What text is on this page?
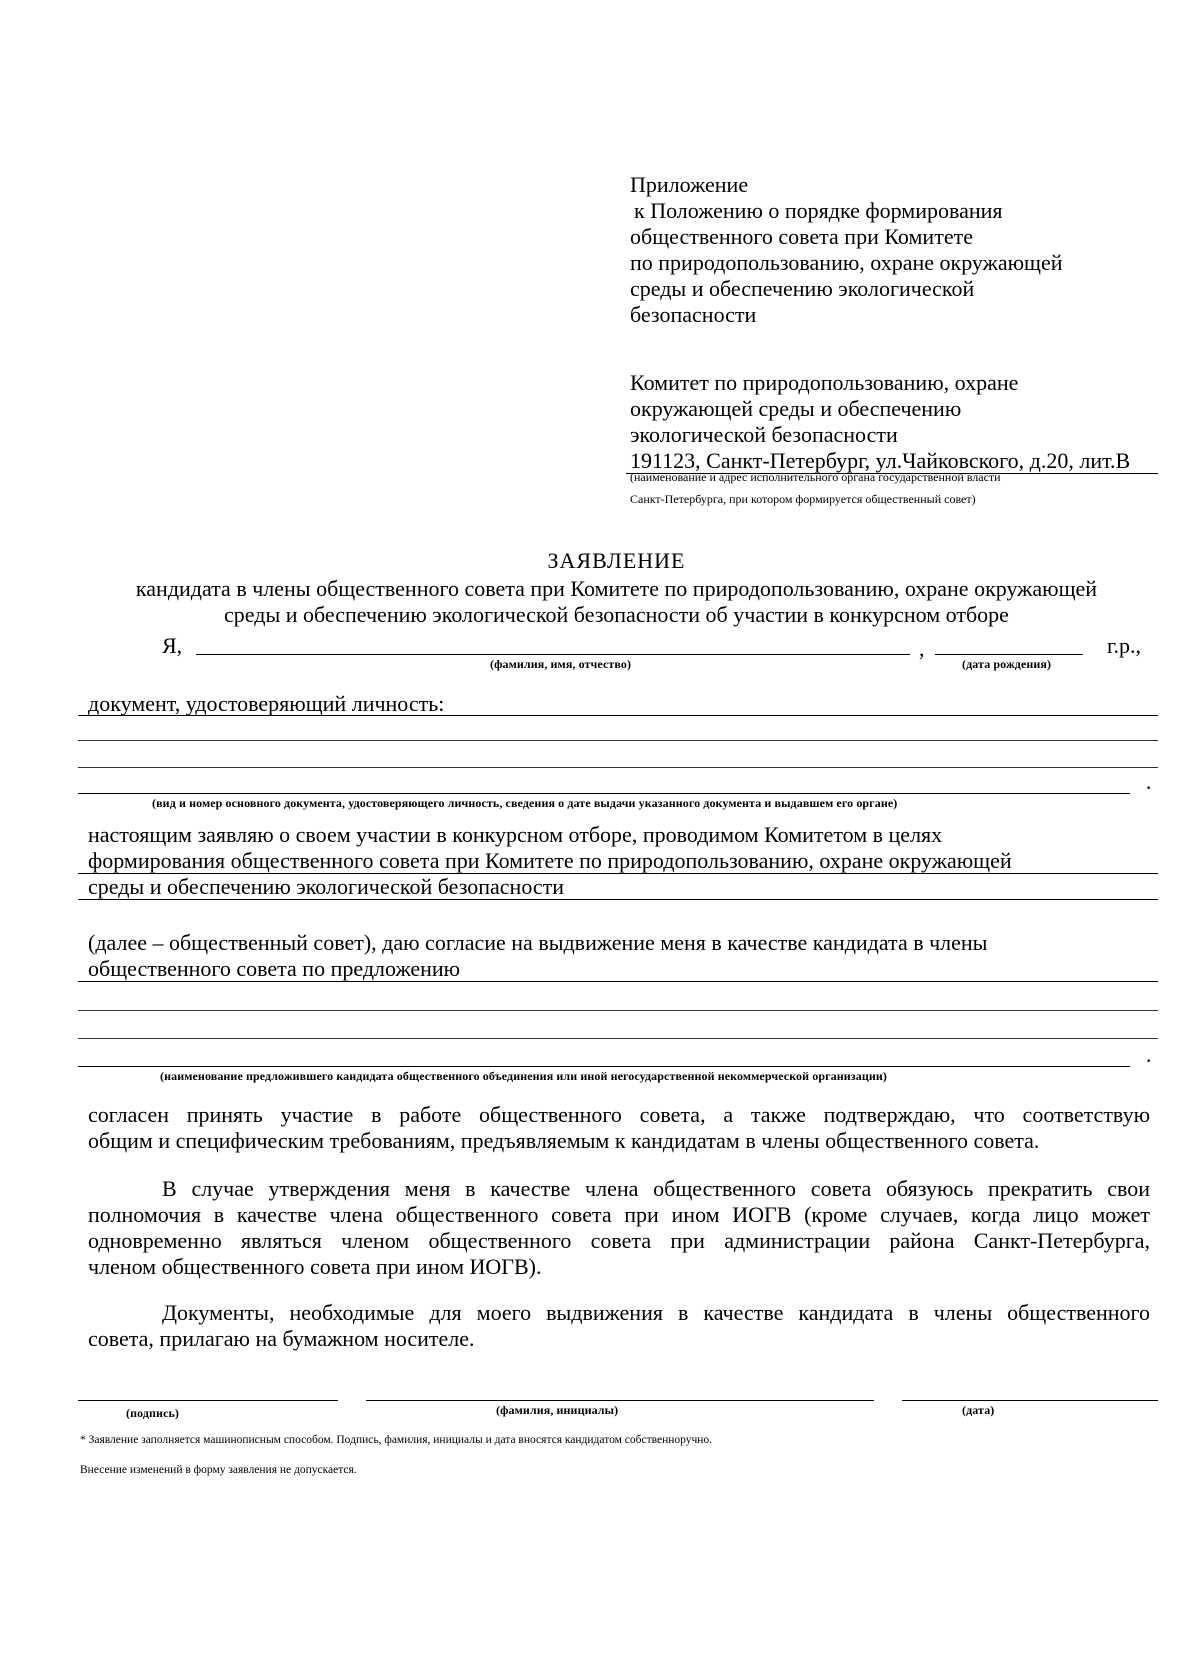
Приложение
к Положению о порядке формирования
общественного совета при Комитете
по природопользованию, охране окружающей
среды и обеспечению экологической
безопасности
Комитет по природопользованию, охране
окружающей среды и обеспечению
экологической безопасности
191123, Санкт-Петербург, ул.Чайковского, д.20, лит.В
(наименование и адрес исполнительного органа государственной власти
Санкт-Петербурга, при котором формируется общественный совет)
ЗАЯВЛЕНИЕ
кандидата в члены общественного совета при Комитете по природопользованию, охране окружающей
среды и обеспечению экологической безопасности об участии в конкурсном отборе
Я,	,	г.р.,
(фамилия, имя, отчество)	(дата рождения)
документ, удостоверяющий личность:
·
(вид и номер основного документа, удостоверяющего личность, сведения о дате выдачи указанного документа и выдавшем его органе)
настоящим заявляю о своем участии в конкурсном отборе, проводимом Комитетом в целях
формирования общественного совета при Комитете по природопользованию, охране окружающей
среды и обеспечению экологической безопасности
(далее – общественный совет), даю согласие на выдвижение меня в качестве кандидата в члены
общественного совета по предложению
·
(наименование предложившего кандидата общественного объединения или иной негосударственной некоммерческой организации)
согласен принять участие в работе общественного совета, а также подтверждаю, что соответствую
общим и специфическим требованиям, предъявляемым к кандидатам в члены общественного совета.
В случае утверждения меня в качестве члена общественного совета обязуюсь прекратить свои
полномочия в качестве члена общественного совета при ином ИОГВ (кроме случаев, когда лицо может
одновременно являться членом общественного совета при администрации района Санкт-Петербурга,
членом общественного совета при ином ИОГВ).
Документы, необходимые для моего выдвижения в качестве кандидата в члены общественного
совета, прилагаю на бумажном носителе.
(подпись)	(фамилия, инициалы)	(дата)
* Заявление заполняется машинописным способом. Подпись, фамилия, инициалы и дата вносятся кандидатом собственноручно.
Внесение изменений в форму заявления не допускается.
